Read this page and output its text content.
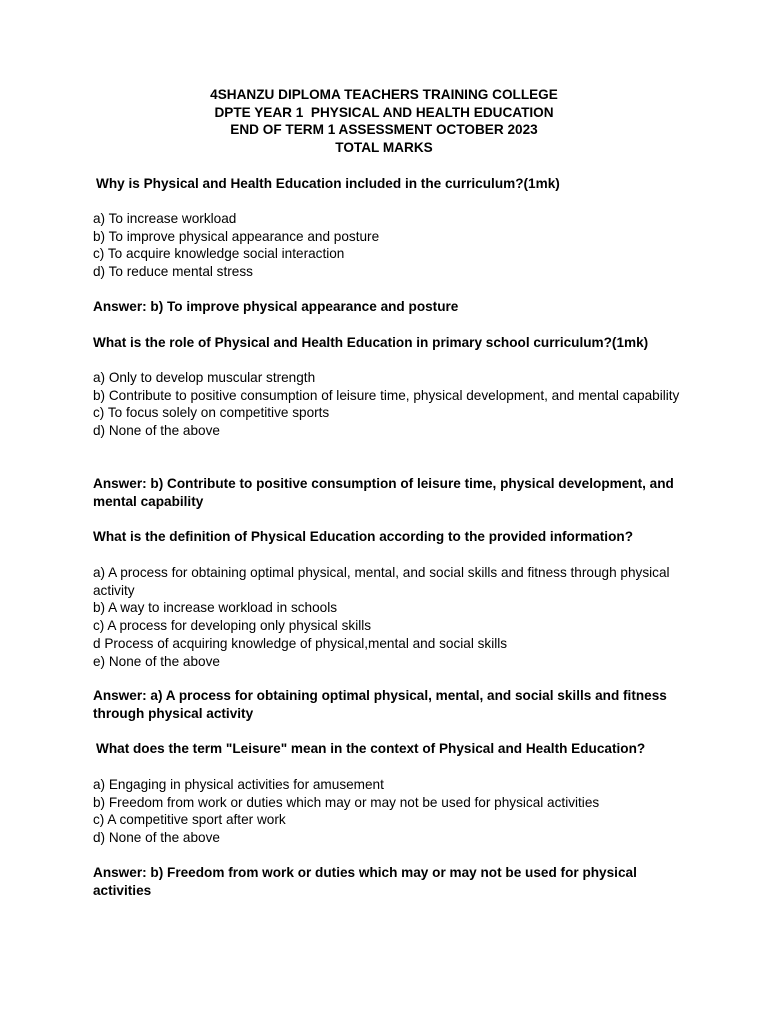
4SHANZU DIPLOMA TEACHERS TRAINING COLLEGE
DPTE YEAR 1  PHYSICAL AND HEALTH EDUCATION
END OF TERM 1 ASSESSMENT OCTOBER 2023
TOTAL MARKS
Why is Physical and Health Education included in the curriculum?(1mk)
a) To increase workload
b) To improve physical appearance and posture
c) To acquire knowledge social interaction
d) To reduce mental stress
Answer: b) To improve physical appearance and posture
What is the role of Physical and Health Education in primary school curriculum?(1mk)
a) Only to develop muscular strength
b) Contribute to positive consumption of leisure time, physical development, and mental capability
c) To focus solely on competitive sports
d) None of the above
Answer: b) Contribute to positive consumption of leisure time, physical development, and mental capability
What is the definition of Physical Education according to the provided information?
a) A process for obtaining optimal physical, mental, and social skills and fitness through physical activity
b) A way to increase workload in schools
c) A process for developing only physical skills
d Process of acquiring knowledge of physical,mental and social skills
e) None of the above
Answer: a) A process for obtaining optimal physical, mental, and social skills and fitness through physical activity
What does the term "Leisure" mean in the context of Physical and Health Education?
a) Engaging in physical activities for amusement
b) Freedom from work or duties which may or may not be used for physical activities
c) A competitive sport after work
d) None of the above
Answer: b) Freedom from work or duties which may or may not be used for physical activities
